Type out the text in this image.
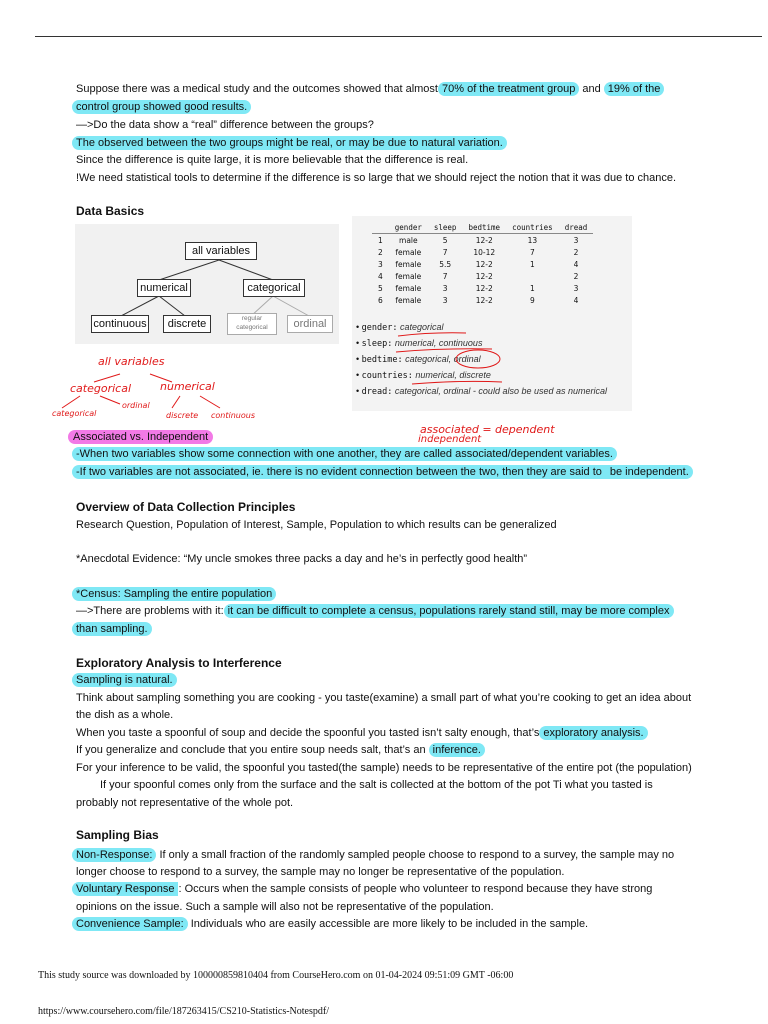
Suppose there was a medical study and the outcomes showed that almost 70% of the treatment group and 19% of the
control group showed good results.
—>Do the data show a “real” difference between the groups?
The observed between the two groups might be real, or may be due to natural variation.
Since the difference is quite large, it is more believable that the difference is real.
!We need statistical tools to determine if the difference is so large that we should reject the notion that it was due to chance.
Data Basics
all variables
numerical	categorical
continuous	discrete	regular categorical	ordinal
	gender	sleep	bedtime	countries	dread
1	male	5	12-2	13	3
2	female	7	10-12	7	2
3	female	5.5	12-2	1	4
4	female	7	12-2		2
5	female	3	12-2	1	3
6	female	3	12-2	9	4
• gender: categorical
• sleep: numerical, continuous
• bedtime: categorical, ordinal
• countries: numerical, discrete
• dread: categorical, ordinal - could also be used as numerical
all variables
categorical	numerical
categorical
ordinal
discrete continuous
associated = dependent
independent
Associated vs. Independent
-When two variables show some connection with one another, they are called associated/dependent variables.
-If two variables are not associated, ie. there is no evident connection between the two, then they are said to be independent.
Overview of Data Collection Principles
Research Question, Population of Interest, Sample, Population to which results can be generalized
*Anecdotal Evidence: “My uncle smokes three packs a day and he’s in perfectly good health”
*Census: Sampling the entire population
—>There are problems with it: it can be difficult to complete a census, populations rarely stand still, may be more complex
than sampling.
Exploratory Analysis to Interference
Sampling is natural.
Think about sampling something you are cooking - you taste(examine) a small part of what you’re cooking to get an idea about
the dish as a whole.
When you taste a spoonful of soup and decide the spoonful you tasted isn’t salty enough, that’s exploratory analysis.
If you generalize and conclude that you entire soup needs salt, that’s an inference.
For your inference to be valid, the spoonful you tasted(the sample) needs to be representative of the entire pot (the population)
If your spoonful comes only from the surface and the salt is collected at the bottom of the pot Ti what you tasted is
probably not representative of the whole pot.
Sampling Bias
Non-Response: If only a small fraction of the randomly sampled people choose to respond to a survey, the sample may no
longer choose to respond to a survey, the sample may no longer be representative of the population.
Voluntary Response : Occurs when the sample consists of people who volunteer to respond because they have strong
opinions on the issue. Such a sample will also not be representative of the population.
Convenience Sample: Individuals who are easily accessible are more likely to be included in the sample.
This study source was downloaded by 100000859810404 from CourseHero.com on 01-04-2024 09:51:09 GMT -06:00
https://www.coursehero.com/file/187263415/CS210-Statistics-Notespdf/
